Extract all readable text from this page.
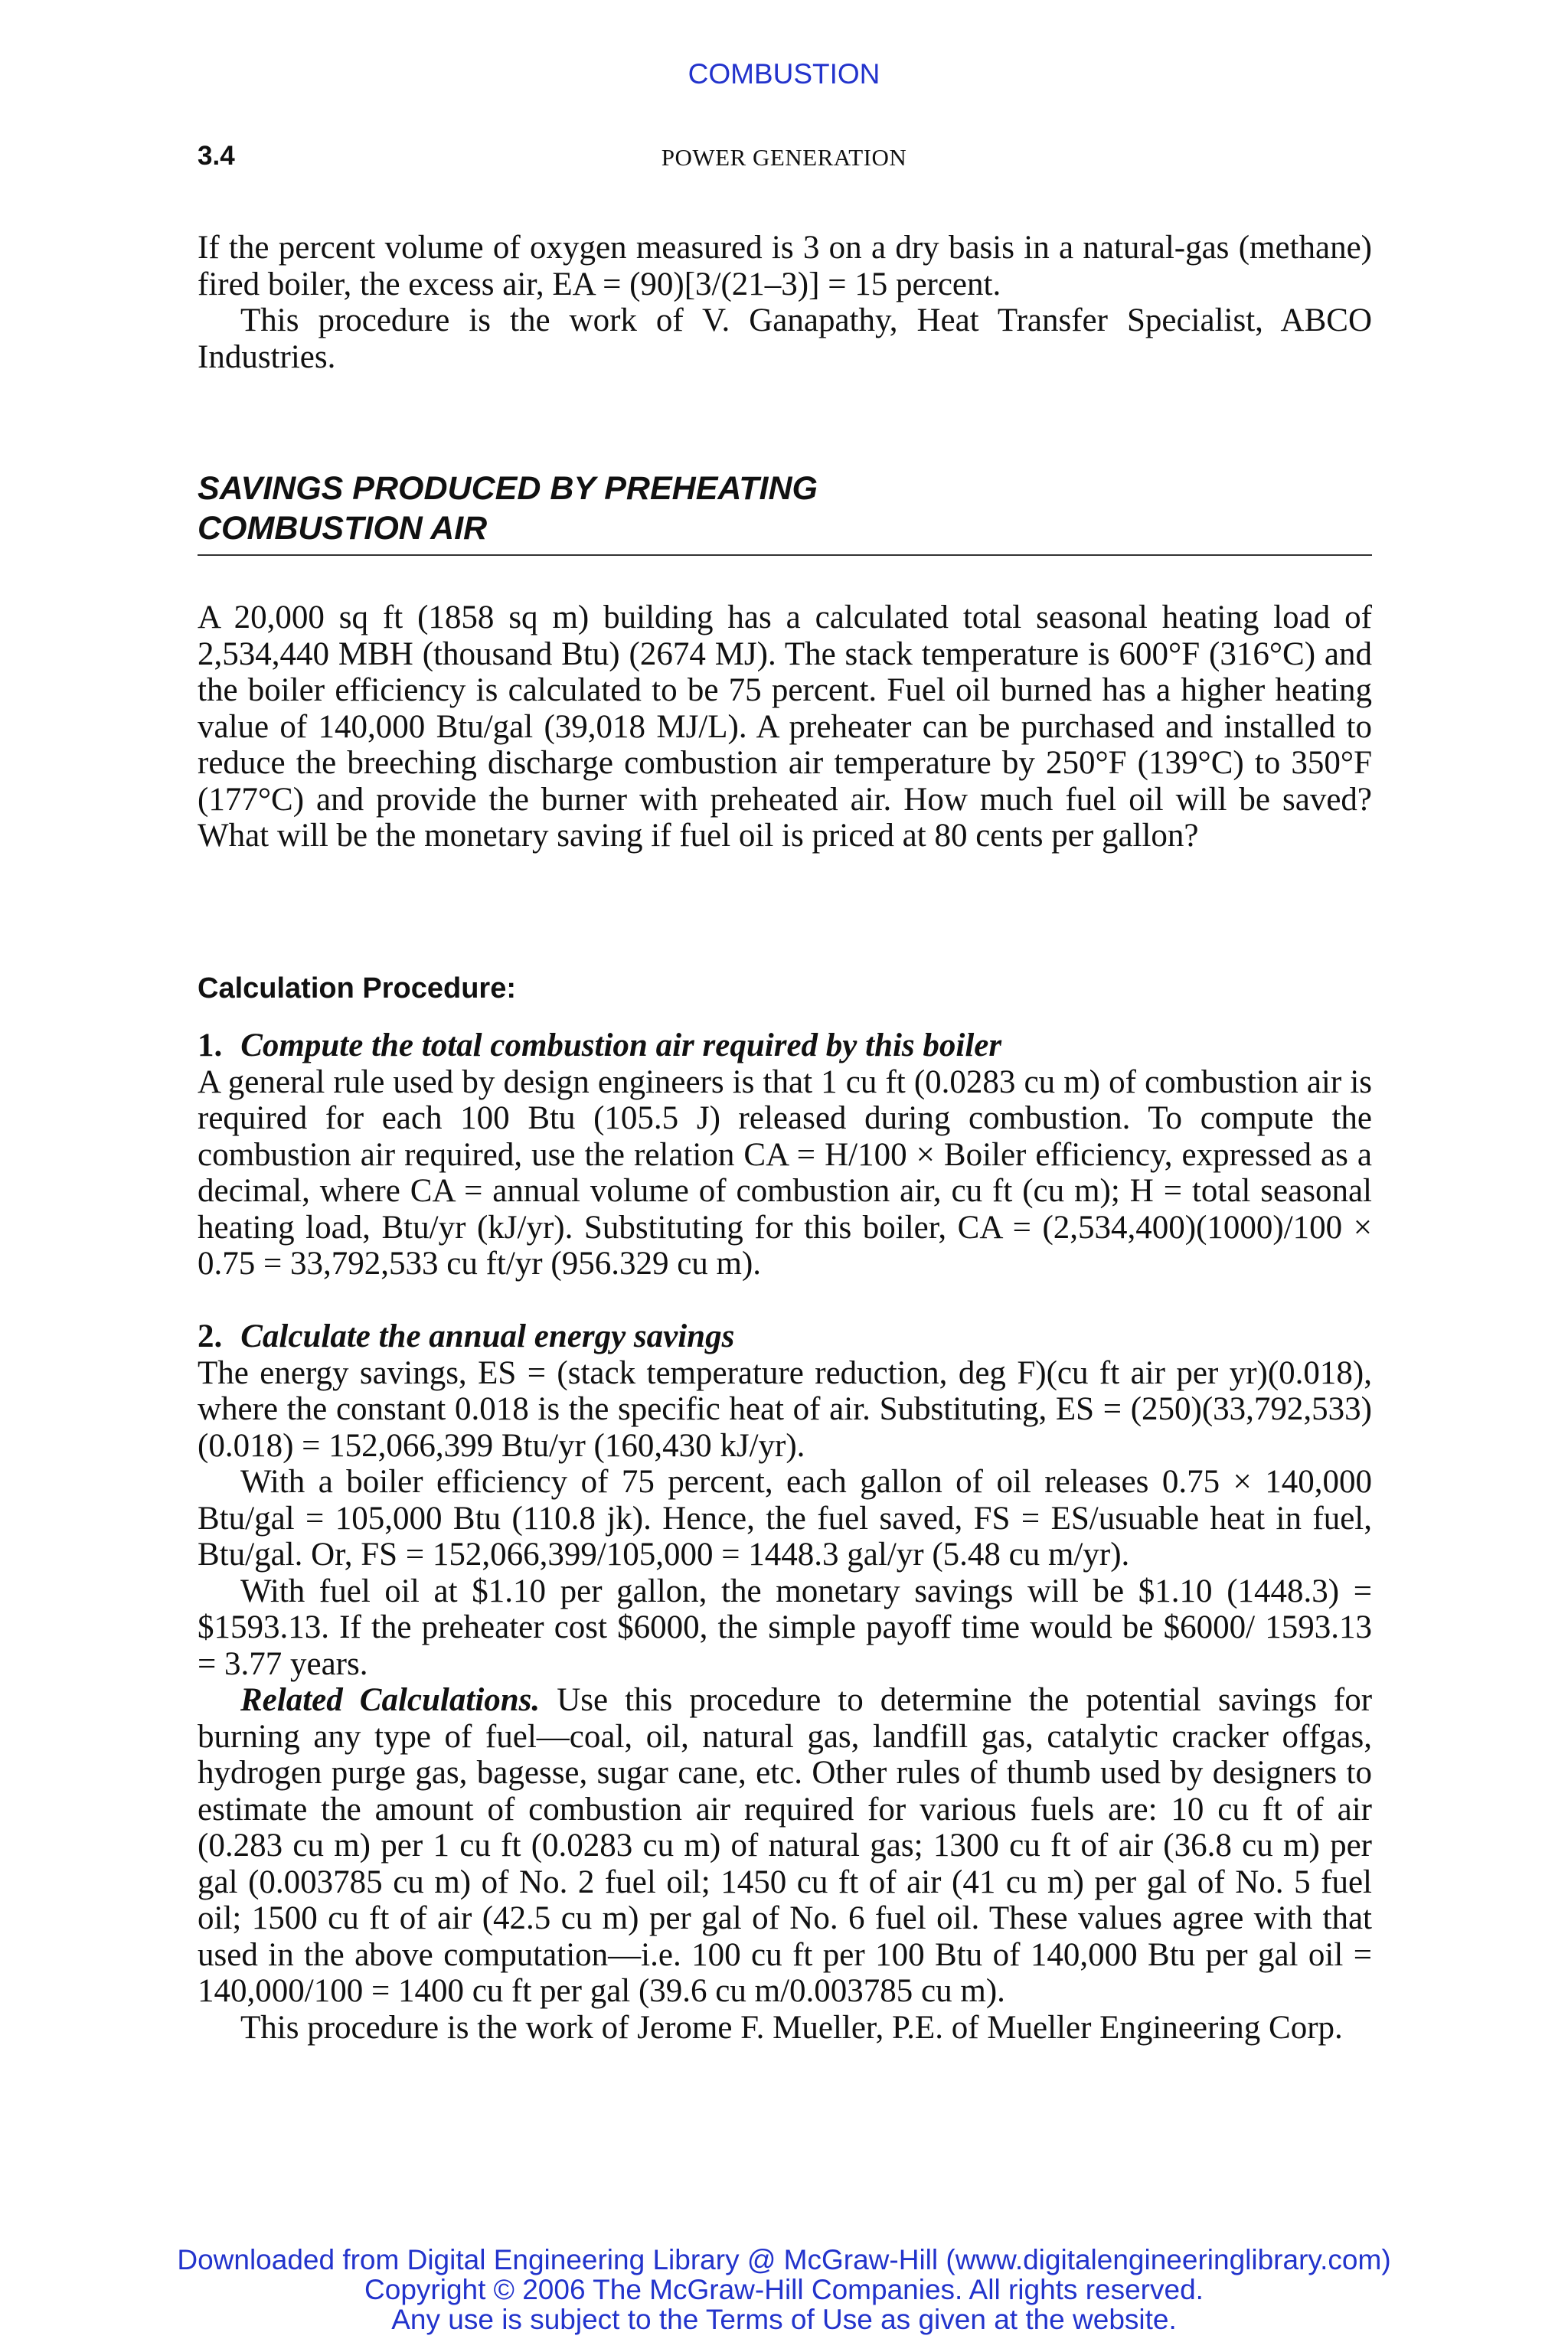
COMBUSTION
3.4	POWER GENERATION

If the percent volume of oxygen measured is 3 on a dry basis in a natural-gas (methane) fired boiler, the excess air, EA = (90)[3/(21–3)] = 15 percent.

This procedure is the work of V. Ganapathy, Heat Transfer Specialist, ABCO Industries.

SAVINGS PRODUCED BY PREHEATING
COMBUSTION AIR

A 20,000 sq ft (1858 sq m) building has a calculated total seasonal heating load of 2,534,440 MBH (thousand Btu) (2674 MJ). The stack temperature is 600°F (316°C) and the boiler efficiency is calculated to be 75 percent. Fuel oil burned has a higher heating value of 140,000 Btu/gal (39,018 MJ/L). A preheater can be purchased and installed to reduce the breeching discharge combustion air temperature by 250°F (139°C) to 350°F (177°C) and provide the burner with preheated air. How much fuel oil will be saved? What will be the monetary saving if fuel oil is priced at 80 cents per gallon?

Calculation Procedure:

1. Compute the total combustion air required by this boiler

A general rule used by design engineers is that 1 cu ft (0.0283 cu m) of combustion air is required for each 100 Btu (105.5 J) released during combustion. To compute the combustion air required, use the relation CA = H/100 × Boiler efficiency, expressed as a decimal, where CA = annual volume of combustion air, cu ft (cu m); H = total seasonal heating load, Btu/yr (kJ/yr). Substituting for this boiler, CA = (2,534,400)(1000)/100 × 0.75 = 33,792,533 cu ft/yr (956.329 cu m).

2. Calculate the annual energy savings

The energy savings, ES = (stack temperature reduction, deg F)(cu ft air per yr)(0.018), where the constant 0.018 is the specific heat of air. Substituting, ES = (250)(33,792,533)(0.018) = 152,066,399 Btu/yr (160,430 kJ/yr).

With a boiler efficiency of 75 percent, each gallon of oil releases 0.75 × 140,000 Btu/gal = 105,000 Btu (110.8 jk). Hence, the fuel saved, FS = ES/usuable heat in fuel, Btu/gal. Or, FS = 152,066,399/105,000 = 1448.3 gal/yr (5.48 cu m/yr).

With fuel oil at $1.10 per gallon, the monetary savings will be $1.10 (1448.3) = $1593.13. If the preheater cost $6000, the simple payoff time would be $6000/ 1593.13 = 3.77 years.

Related Calculations. Use this procedure to determine the potential savings for burning any type of fuel—coal, oil, natural gas, landfill gas, catalytic cracker offgas, hydrogen purge gas, bagesse, sugar cane, etc. Other rules of thumb used by designers to estimate the amount of combustion air required for various fuels are: 10 cu ft of air (0.283 cu m) per 1 cu ft (0.0283 cu m) of natural gas; 1300 cu ft of air (36.8 cu m) per gal (0.003785 cu m) of No. 2 fuel oil; 1450 cu ft of air (41 cu m) per gal of No. 5 fuel oil; 1500 cu ft of air (42.5 cu m) per gal of No. 6 fuel oil. These values agree with that used in the above computation—i.e. 100 cu ft per 100 Btu of 140,000 Btu per gal oil = 140,000/100 = 1400 cu ft per gal (39.6 cu m/0.003785 cu m).

This procedure is the work of Jerome F. Mueller, P.E. of Mueller Engineering Corp.

Downloaded from Digital Engineering Library @ McGraw-Hill (www.digitalengineeringlibrary.com)
Copyright © 2006 The McGraw-Hill Companies. All rights reserved.
Any use is subject to the Terms of Use as given at the website.
